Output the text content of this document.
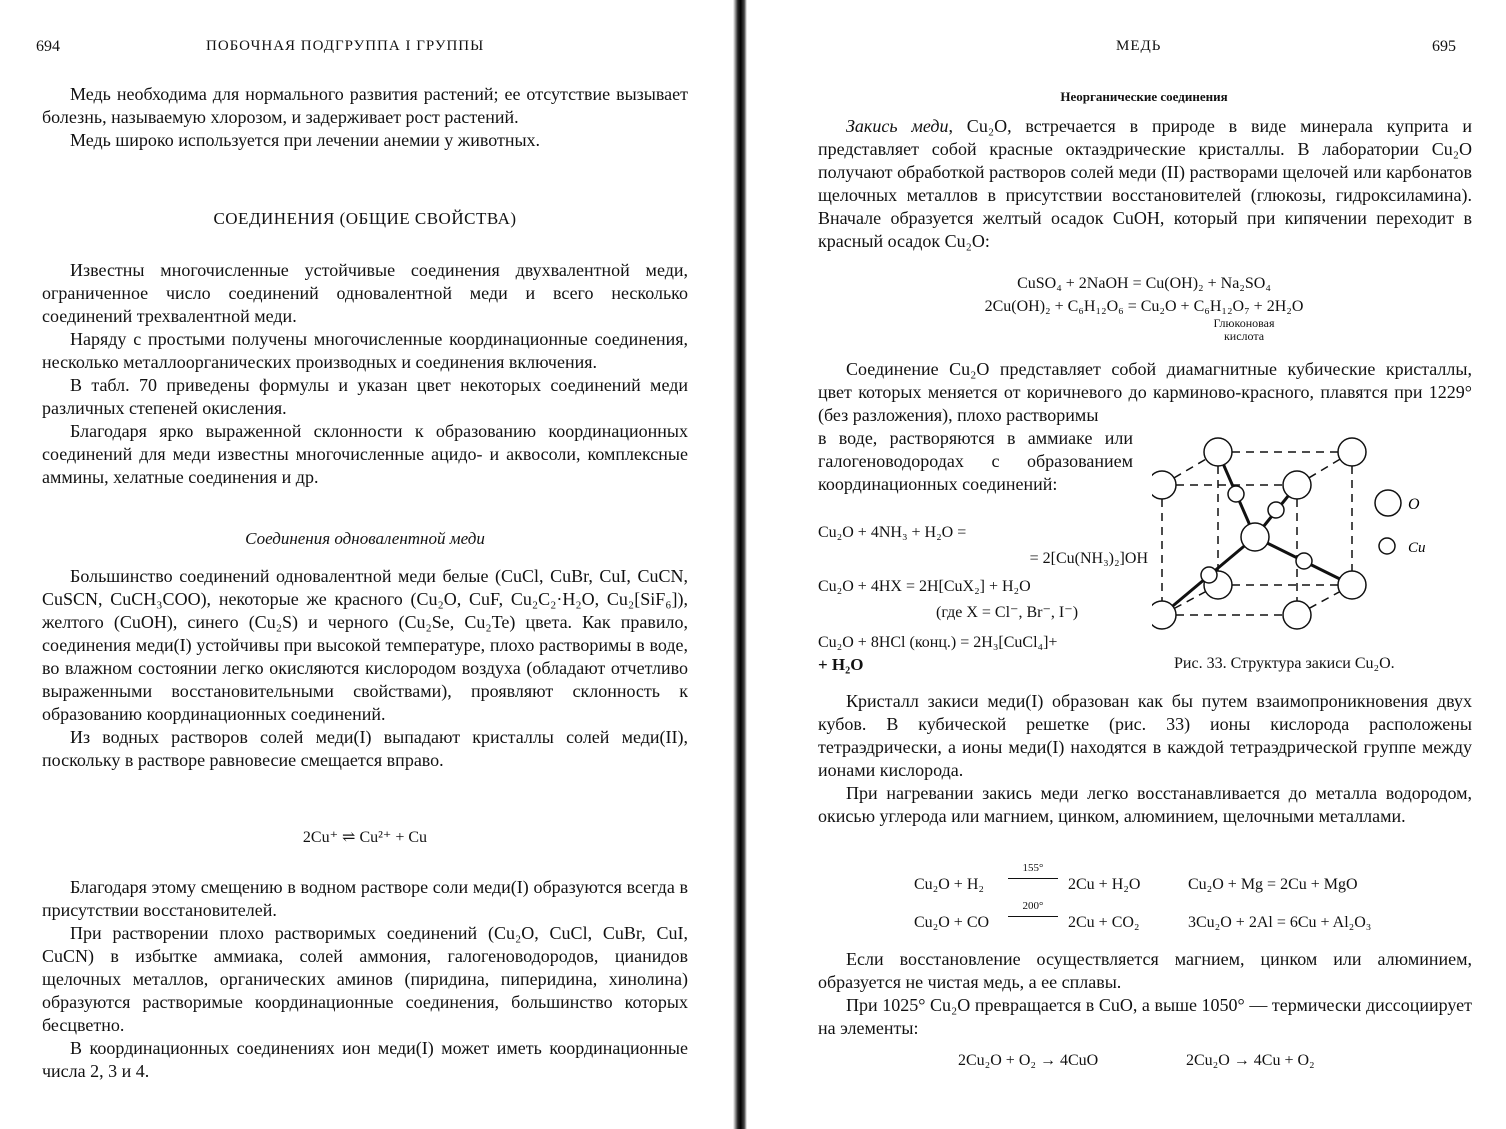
694	ПОБОЧНАЯ ПОДГРУППА I ГРУППЫ

Медь необходима для нормального развития растений; ее отсутствие вызывает болезнь, называемую хлорозом, и задерживает рост растений.

Медь широко используется при лечении анемии у животных.

СОЕДИНЕНИЯ (ОБЩИЕ СВОЙСТВА)

Известны многочисленные устойчивые соединения двухвалентной меди, ограниченное число соединений одновалентной меди и всего несколько соединений трехвалентной меди.

Наряду с простыми получены многочисленные координационные соединения, несколько металлоорганических производных и соединения включения.

В табл. 70 приведены формулы и указан цвет некоторых соединений меди различных степеней окисления.

Благодаря ярко выраженной склонности к образованию координационных соединений для меди известны многочисленные ацидо- и аквосоли, комплексные аммины, хелатные соединения и др.

Соединения одновалентной меди

Большинство соединений одновалентной меди белые (CuCl, CuBr, CuI, CuCN, CuSCN, CuCH₃COO), некоторые же красного (Cu₂O, CuF, Cu₂C₂·H₂O, Cu₂[SiF₆]), желтого (CuOH), синего (Cu₂S) и черного (Cu₂Se, Cu₂Te) цвета. Как правило, соединения меди(I) устойчивы при высокой температуре, плохо растворимы в воде, во влажном состоянии легко окисляются кислородом воздуха (обладают отчетливо выраженными восстановительными свойствами), проявляют склонность к образованию координационных соединений.

Из водных растворов солей меди(I) выпадают кристаллы солей меди(II), поскольку в растворе равновесие смещается вправо.

2Cu⁺ ⇌ Cu²⁺ + Cu

Благодаря этому смещению в водном растворе соли меди(I) образуются всегда в присутствии восстановителей.

При растворении плохо растворимых соединений (Cu₂O, CuCl, CuBr, CuI, CuCN) в избытке аммиака, солей аммония, галогеноводородов, цианидов щелочных металлов, органических аминов (пиридина, пиперидина, хинолина) образуются растворимые координационные соединения, большинство которых бесцветно.

В координационных соединениях ион меди(I) может иметь координационные числа 2, 3 и 4.

МЕДЬ	695

Неорганические соединения

Закись меди, Cu₂O, встречается в природе в виде минерала куприта и представляет собой красные октаэдрические кристаллы. В лаборатории Cu₂O получают обработкой растворов солей меди (II) растворами щелочей или карбонатов щелочных металлов в присутствии восстановителей (глюкозы, гидроксиламина). Вначале образуется желтый осадок CuOH, который при кипячении переходит в красный осадок Cu₂O:

CuSO₄ + 2NaOH = Cu(OH)₂ + Na₂SO₄

2Cu(OH)₂ + C₆H₁₂O₆ = Cu₂O + C₆H₁₂O₇ + 2H₂O

Глюконовая
кислота

Соединение Cu₂O представляет собой диамагнитные кубические кристаллы, цвет которых меняется от коричневого до карминово-красного, плавятся при 1229° (без разложения), плохо растворимы

в воде, растворяются в аммиаке или галогеноводородах с образованием координационных соединений:

Cu₂O + 4NH₃ + H₂O =
= 2[Cu(NH₃)₂]OH
Cu₂O + 4HX = 2H[CuX₂] + H₂O
(где X = Cl⁻, Br⁻, I⁻)
Cu₂O + 8HCl (конц.) = 2H₃[CuCl₄]+
+ H₂O
O
Cu
Рис. 33. Структура закиси Cu₂O.

Кристалл закиси меди(I) образован как бы путем взаимопроникновения двух кубов. В кубической решетке (рис. 33) ионы кислорода расположены тетраэдрически, а ионы меди(I) находятся в каждой тетраэдрической группе между ионами кислорода.

При нагревании закись меди легко восстанавливается до металла водородом, окисью углерода или магнием, цинком, алюминием, щелочными металлами.

Cu₂O + H₂
155°
2Cu + H₂O	Cu₂O + Mg = 2Cu + MgO
Cu₂O + CO
200°
2Cu + CO₂	3Cu₂O + 2Al = 6Cu + Al₂O₃

Если восстановление осуществляется магнием, цинком или алюминием, образуется не чистая медь, а ее сплавы.

При 1025° Cu₂O превращается в CuO, а выше 1050° — термически диссоциирует на элементы:

2Cu₂O + O₂ → 4CuO	2Cu₂O → 4Cu + O₂
